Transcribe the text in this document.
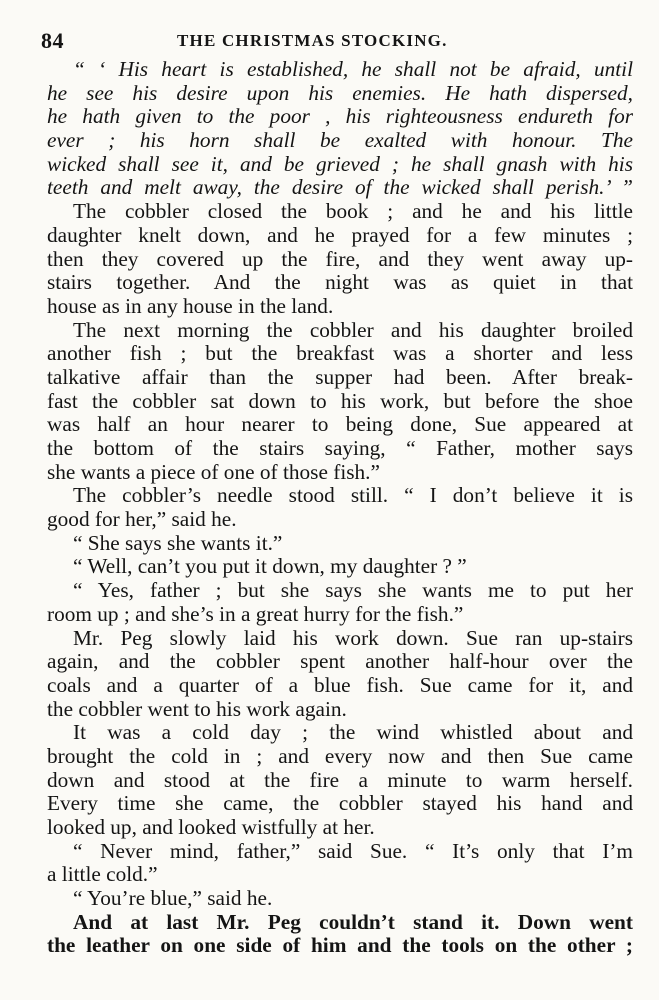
84	THE CHRISTMAS STOCKING.
“ ‘ His heart is established, he shall not be afraid, until
he see his desire upon his enemies. He hath dispersed,
he hath given to the poor , his righteousness endureth for
ever ; his horn shall be exalted with honour. The
wicked shall see it, and be grieved ; he shall gnash with his
teeth and melt away, the desire of the wicked shall perish.’ ”
The cobbler closed the book ; and he and his little
daughter knelt down, and he prayed for a few minutes ;
then they covered up the fire, and they went away up-
stairs together. And the night was as quiet in that
house as in any house in the land.
The next morning the cobbler and his daughter broiled
another fish ; but the breakfast was a shorter and less
talkative affair than the supper had been. After break-
fast the cobbler sat down to his work, but before the shoe
was half an hour nearer to being done, Sue appeared at
the bottom of the stairs saying, “ Father, mother says
she wants a piece of one of those fish.”
The cobbler’s needle stood still. “ I don’t believe it is
good for her,” said he.
“ She says she wants it.”
“ Well, can’t you put it down, my daughter ? ”
“ Yes, father ; but she says she wants me to put her
room up ; and she’s in a great hurry for the fish.”
Mr. Peg slowly laid his work down. Sue ran up-stairs
again, and the cobbler spent another half-hour over the
coals and a quarter of a blue fish. Sue came for it, and
the cobbler went to his work again.
It was a cold day ; the wind whistled about and
brought the cold in ; and every now and then Sue came
down and stood at the fire a minute to warm herself.
Every time she came, the cobbler stayed his hand and
looked up, and looked wistfully at her.
“ Never mind, father,” said Sue. “ It’s only that I’m
a little cold.”
“ You’re blue,” said he.
And at last Mr. Peg couldn’t stand it. Down went
the leather on one side of him and the tools on the other ;
